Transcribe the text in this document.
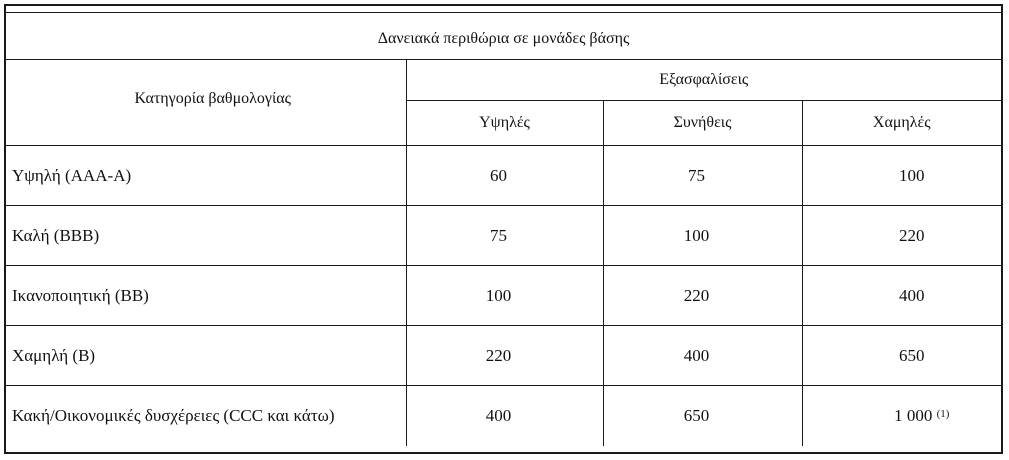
Δανειακά περιθώρια σε μονάδες βάσης			
Κατηγορία βαθμολογίας	Εξασφαλίσεις		
	Υψηλές	Συνήθεις	Χαμηλές
Υψηλή (AAA-A)	60	75	100
Καλή (BBB)	75	100	220
Ικανοποιητική (BB)	100	220	400
Χαμηλή (B)	220	400	650
Κακή/Οικονομικές δυσχέρειες (CCC και κάτω)	400	650	1 000 (1)
